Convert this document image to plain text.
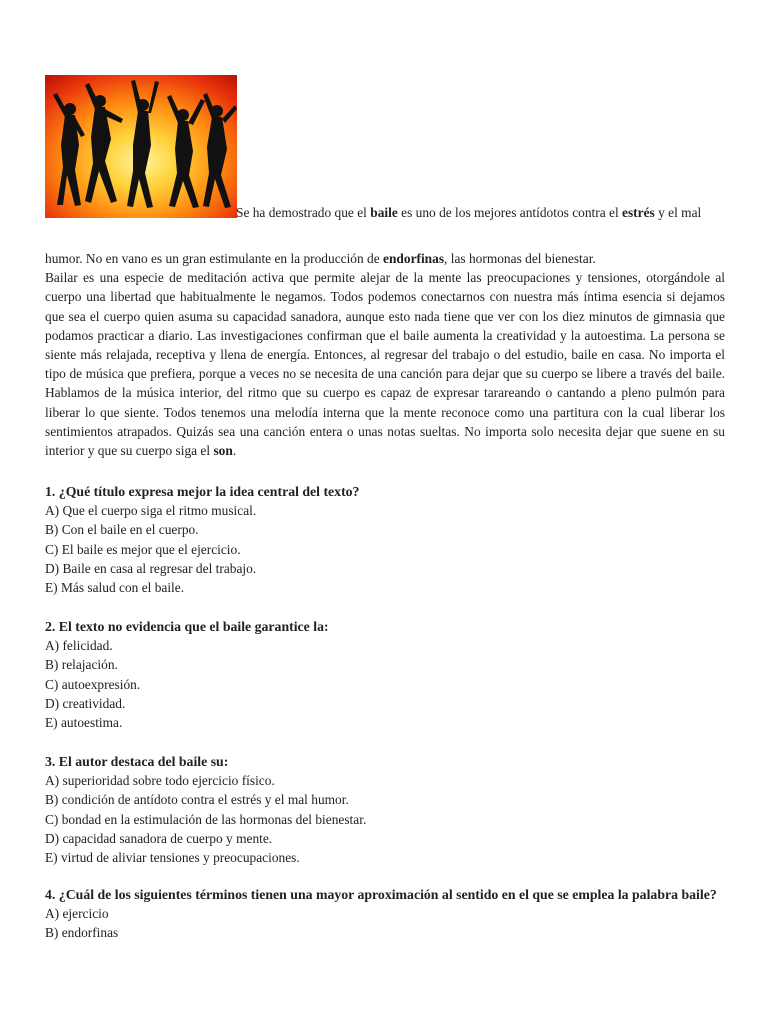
Se ha demostrado que el baile es uno de los mejores antídotos contra el estrés y el mal

humor. No en vano es un gran estimulante en la producción de endorfinas, las hormonas del bienestar.

Bailar es una especie de meditación activa que permite alejar de la mente las preocupaciones y tensiones, otorgándole al cuerpo una libertad que habitualmente le negamos. Todos podemos conectarnos con nuestra más íntima esencia si dejamos que sea el cuerpo quien asuma su capacidad sanadora, aunque esto nada tiene que ver con los diez minutos de gimnasia que podamos practicar a diario. Las investigaciones confirman que el baile aumenta la creatividad y la autoestima. La persona se siente más relajada, receptiva y llena de energía. Entonces, al regresar del trabajo o del estudio, baile en casa. No importa el tipo de música que prefiera, porque a veces no se necesita de una canción para dejar que su cuerpo se libere a través del baile. Hablamos de la música interior, del ritmo que su cuerpo es capaz de expresar tarareando o cantando a pleno pulmón para liberar lo que siente. Todos tenemos una melodía interna que la mente reconoce como una partitura con la cual liberar los sentimientos atrapados. Quizás sea una canción entera o unas notas sueltas. No importa solo necesita dejar que suene en su interior y que su cuerpo siga el son.

1. ¿Qué título expresa mejor la idea central del texto?
A) Que el cuerpo siga el ritmo musical.
B) Con el baile en el cuerpo.
C) El baile es mejor que el ejercicio.
D) Baile en casa al regresar del trabajo.
E) Más salud con el baile.
2. El texto no evidencia que el baile garantice la:
A) felicidad.
B) relajación.
C) autoexpresión.
D) creatividad.
E) autoestima.
3. El autor destaca del baile su:
A) superioridad sobre todo ejercicio físico.
B) condición de antídoto contra el estrés y el mal humor.
C) bondad en la estimulación de las hormonas del bienestar.
D) capacidad sanadora de cuerpo y mente.
E) virtud de aliviar tensiones y preocupaciones.
4. ¿Cuál de los siguientes términos tienen una mayor aproximación al sentido en el que se emplea la palabra baile?
A) ejercicio
B) endorfinas
